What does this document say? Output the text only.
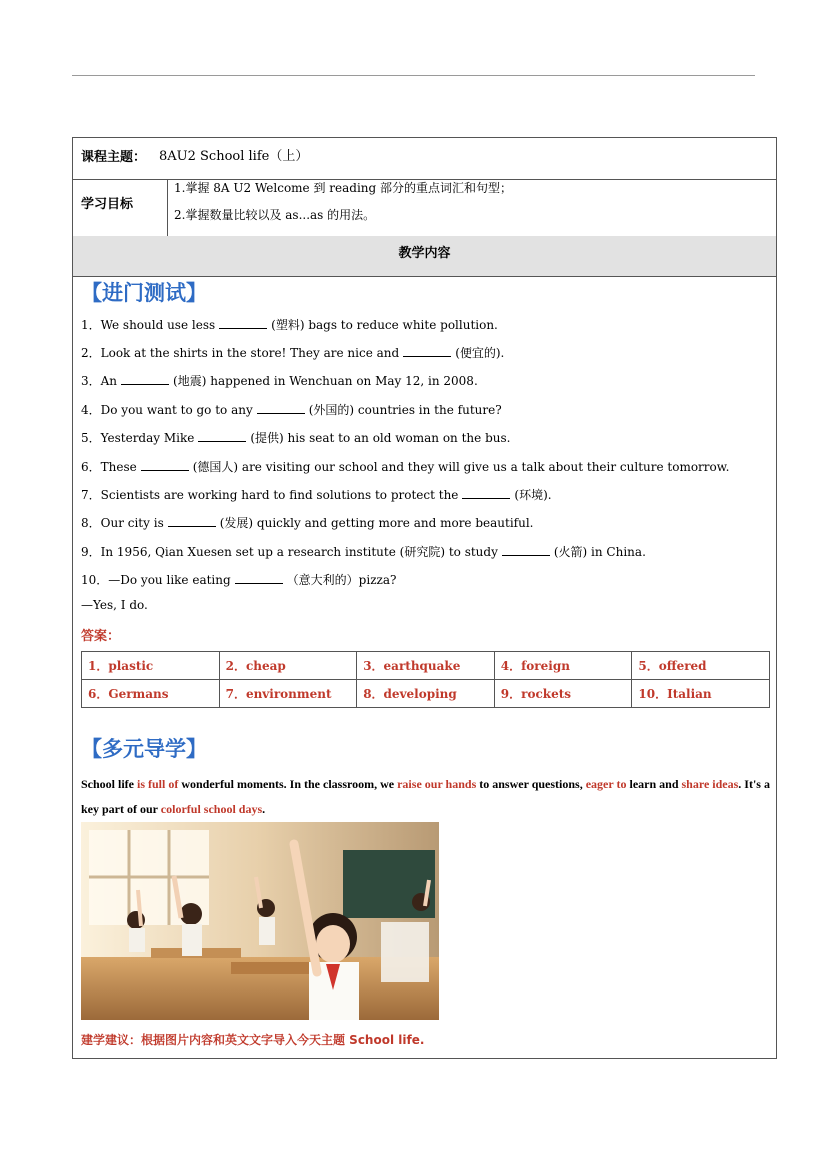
课程主题： 8AU2 School life（上）
学习目标
1.掌握 8A U2 Welcome 到 reading 部分的重点词汇和句型；
2.掌握数量比较以及 as...as 的用法。
教学内容
【进门测试】
1．We should use less	(塑料) bags to reduce white pollution.
2．Look at the shirts in the store! They are nice and	(便宜的).
3．An	(地震) happened in Wenchuan on May 12, in 2008.
4．Do you want to go to any	(外国的) countries in the future?
5．Yesterday Mike	(提供) his seat to an old woman on the bus.
6．These	(德国人) are visiting our school and they will give us a talk about their culture tomorrow.
7．Scientists are working hard to find solutions to protect the	(环境).
8．Our city is	(发展) quickly and getting more and more beautiful.
9．In 1956, Qian Xuesen set up a research institute (研究院) to study	(火箭) in China.
10．—Do you like eating	（意大利的）pizza?
—Yes, I do.
答案：
1．plastic	2．cheap	3．earthquake	4．foreign	5．offered
6．Germans	7．environment	8．developing	9．rockets	10．Italian
【多元导学】
School life is full of wonderful moments. In the classroom, we raise our hands to answer questions, eager to learn and share ideas. It's a key part of our colorful school days.
建学建议：根据图片内容和英文文字导入今天主题 School life.
